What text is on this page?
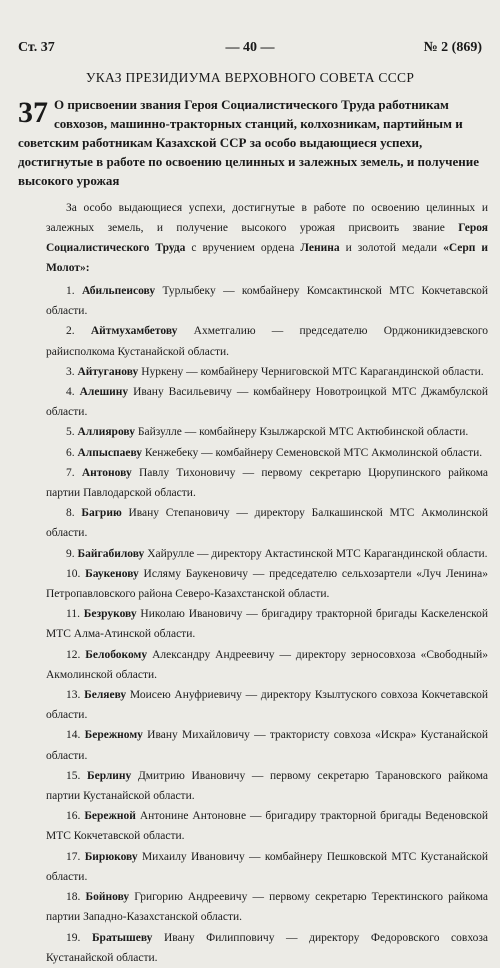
Ст. 37	— 40 —	№ 2 (869)
УКАЗ ПРЕЗИДИУМА ВЕРХОВНОГО СОВЕТА СССР
37 О присвоении звания Героя Социалистического Труда работникам совхозов, машинно-тракторных станций, колхозникам, партийным и советским работникам Казахской ССР за особо выдающиеся успехи, достигнутые в работе по освоению целинных и залежных земель, и получение высокого урожая
За особо выдающиеся успехи, достигнутые в работе по освоению целинных и залежных земель, и получение высокого урожая присвоить звание Героя Социалистического Труда с вручением ордена Ленина и золотой медали «Серп и Молот»:

1. Абильпеисову Турлыбеку — комбайнеру Комсактинской МТС Кокчетавской области.

2. Айтмухамбетову Ахметгалию — председателю Орджоникидзевского райисполкома Кустанайской области.

3. Айтуганову Нуркену — комбайнеру Черниговской МТС Карагандинской области.

4. Алешину Ивану Васильевичу — комбайнеру Новотроицкой МТС Джамбулской области.

5. Аллиярову Байзулле — комбайнеру Кзылжарской МТС Актюбинской области.

6. Алпыспаеву Кенжебеку — комбайнеру Семеновской МТС Акмолинской области.

7. Антонову Павлу Тихоновичу — первому секретарю Цюрупинского райкома партии Павлодарской области.

8. Багрию Ивану Степановичу — директору Балкашинской МТС Акмолинской области.

9. Байгабилову Хайрулле — директору Актастинской МТС Карагандинской области.

10. Баукенову Исляму Баукеновичу — председателю сельхозартели «Луч Ленина» Петропавловского района Северо-Казахстанской области.

11. Безрукову Николаю Ивановичу — бригадиру тракторной бригады Каскеленской МТС Алма-Атинской области.

12. Белобокому Александру Андреевичу — директору зерносовхоза «Свободный» Акмолинской области.

13. Беляеву Моисею Ануфриевичу — директору Кзылтуского совхоза Кокчетавской области.

14. Бережному Ивану Михайловичу — трактористу совхоза «Искра» Кустанайской области.

15. Берлину Дмитрию Ивановичу — первому секретарю Тарановского райкома партии Кустанайской области.

16. Бережной Антонине Антоновне — бригадиру тракторной бригады Веденовской МТС Кокчетавской области.

17. Бирюкову Михаилу Ивановичу — комбайнеру Пешковской МТС Кустанайской области.

18. Бойнову Григорию Андреевичу — первому секретарю Теректинского райкома партии Западно-Казахстанской области.

19. Братышеву Ивану Филипповичу — директору Федоровского совхоза Кустанайской области.
